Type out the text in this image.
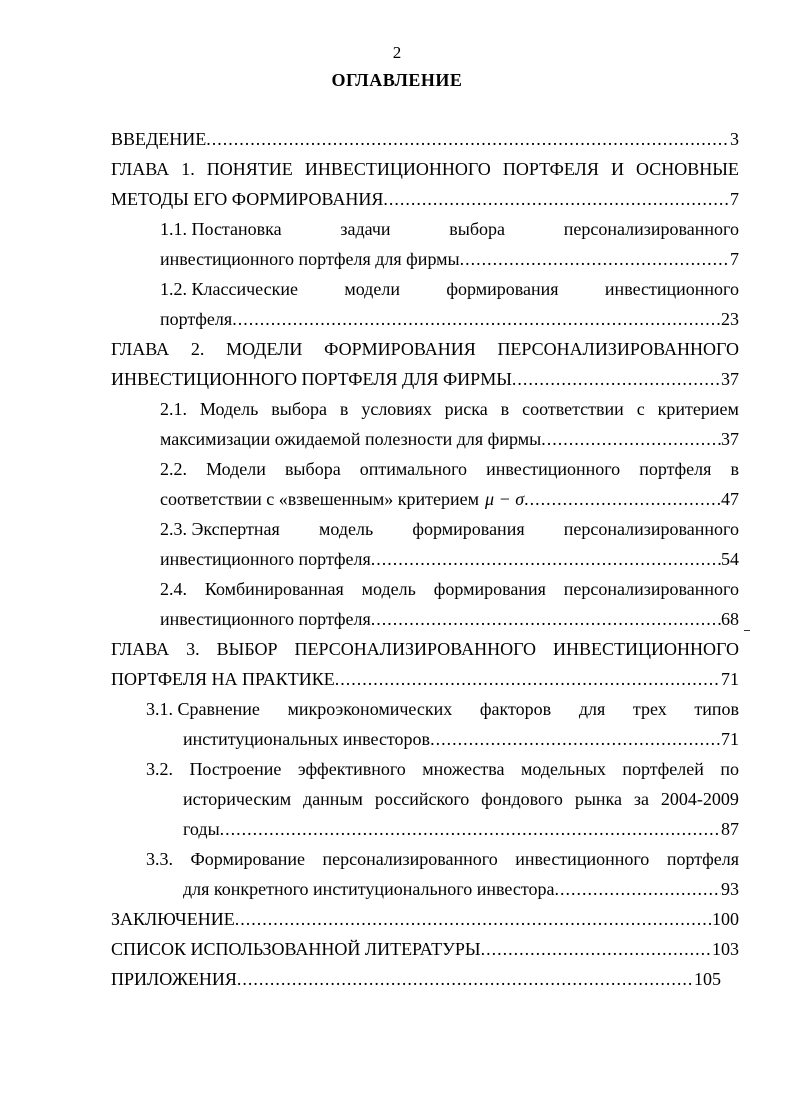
2
ОГЛАВЛЕНИЕ
ВВЕДЕНИЕ .....	3
ГЛАВА 1. ПОНЯТИЕ ИНВЕСТИЦИОННОГО ПОРТФЕЛЯ И ОСНОВНЫЕ
МЕТОДЫ ЕГО ФОРМИРОВАНИЯ .....	7
1.1. Постановка	задачи	выбора	персонализированного
инвестиционного портфеля для фирмы .....	7
1.2. Классические	модели	формирования	инвестиционного
портфеля .....	23
ГЛАВА 2. МОДЕЛИ ФОРМИРОВАНИЯ ПЕРСОНАЛИЗИРОВАННОГО
ИНВЕСТИЦИОННОГО ПОРТФЕЛЯ ДЛЯ ФИРМЫ .....	37
2.1. Модель выбора в условиях риска в соответствии с критерием
максимизации ожидаемой полезности для фирмы .....	37
2.2. Модели выбора оптимального инвестиционного портфеля в
соответствии с «взвешенным» критерием μ − σ .....	47
2.3. Экспертная модель формирования персонализированного
инвестиционного портфеля .....	54
2.4. Комбинированная модель формирования персонализированного
инвестиционного портфеля .....	68
ГЛАВА 3. ВЫБОР ПЕРСОНАЛИЗИРОВАННОГО ИНВЕСТИЦИОННОГО
ПОРТФЕЛЯ НА ПРАКТИКЕ .....	71
3.1. Сравнение микроэкономических факторов для трех типов
институциональных инвесторов .....	71
3.2. Построение эффективного множества модельных портфелей по
историческим данным российского фондового рынка за 2004-2009
годы .....	87
3.3. Формирование персонализированного инвестиционного портфеля
для конкретного институционального инвестора .....	93
ЗАКЛЮЧЕНИЕ .....	100
СПИСОК ИСПОЛЬЗОВАННОЙ ЛИТЕРАТУРЫ .....	103
ПРИЛОЖЕНИЯ .....	105
